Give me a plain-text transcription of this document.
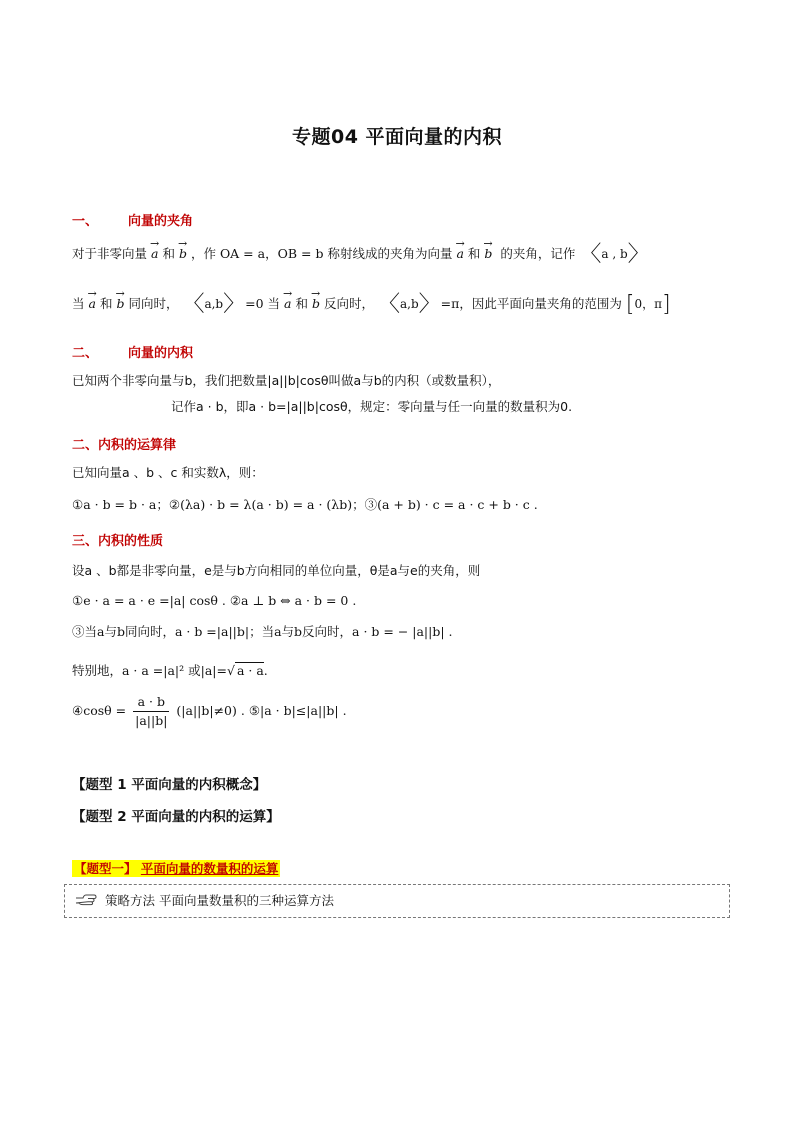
专题04 平面向量的内积
一、 向量的夹角
对于非零向量 → a 和 → b ，作 OA = a，OB = b 称射线成的夹角为向量 → a 和 → b 的夹角，记作 〈a , b〉
当 → a 和 → b 同向时， 〈a,b〉=0 当 → a 和 → b 反向时， 〈a,b〉=π，因此平面向量夹角的范围为 [0，π]
二、 向量的内积
已知两个非零向量与b，我们把数量|a||b|cosθ叫做a与b的内积（或数量积），
记作a · b，即a · b=|a||b|cosθ，规定：零向量与任一向量的数量积为0.
二、内积的运算律
已知向量a 、b 、c 和实数λ，则：
①a · b = b · a；②(λa) · b = λ(a · b) = a · (λb)；③(a + b) · c = a · c + b · c .
三、内积的性质
设a 、b都是非零向量，e是与b方向相同的单位向量，θ是a与e的夹角，则
①e · a = a · e =|a| cosθ . ②a ⊥ b ⇔ a · b = 0 .
③当a与b同向时，a · b =|a||b|；当a与b反向时，a · b = − |a||b| .
特别地，a · a =|a|² 或|a|=√ a · a.
④cosθ = $\frac{a \cdot b}{|a||b|} (|a||b|\ne 0)$ . ⑤|a · b|≤|a||b| .
【题型 1 平面向量的内积概念】
【题型 2 平面向量的内积的运算】
【题型一】 平面向量的数量积的运算
策略方法 平面向量数量积的三种运算方法
